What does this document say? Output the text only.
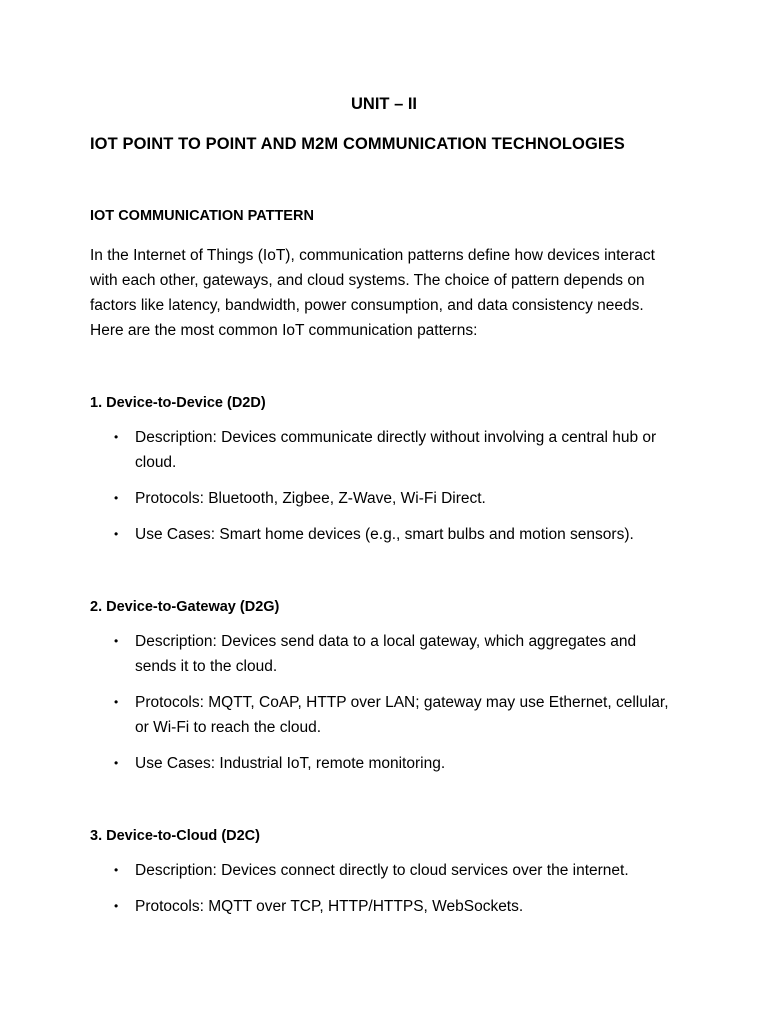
UNIT – II
IOT POINT TO POINT AND M2M COMMUNICATION TECHNOLOGIES
IOT COMMUNICATION PATTERN

In the Internet of Things (IoT), communication patterns define how devices interact with each other, gateways, and cloud systems. The choice of pattern depends on factors like latency, bandwidth, power consumption, and data consistency needs. Here are the most common IoT communication patterns:

1. Device-to-Device (D2D)
• Description: Devices communicate directly without involving a central hub or cloud.
• Protocols: Bluetooth, Zigbee, Z-Wave, Wi-Fi Direct.
• Use Cases: Smart home devices (e.g., smart bulbs and motion sensors).
2. Device-to-Gateway (D2G)
• Description: Devices send data to a local gateway, which aggregates and sends it to the cloud.
• Protocols: MQTT, CoAP, HTTP over LAN; gateway may use Ethernet, cellular, or Wi-Fi to reach the cloud.
• Use Cases: Industrial IoT, remote monitoring.
3. Device-to-Cloud (D2C)
• Description: Devices connect directly to cloud services over the internet.
• Protocols: MQTT over TCP, HTTP/HTTPS, WebSockets.
